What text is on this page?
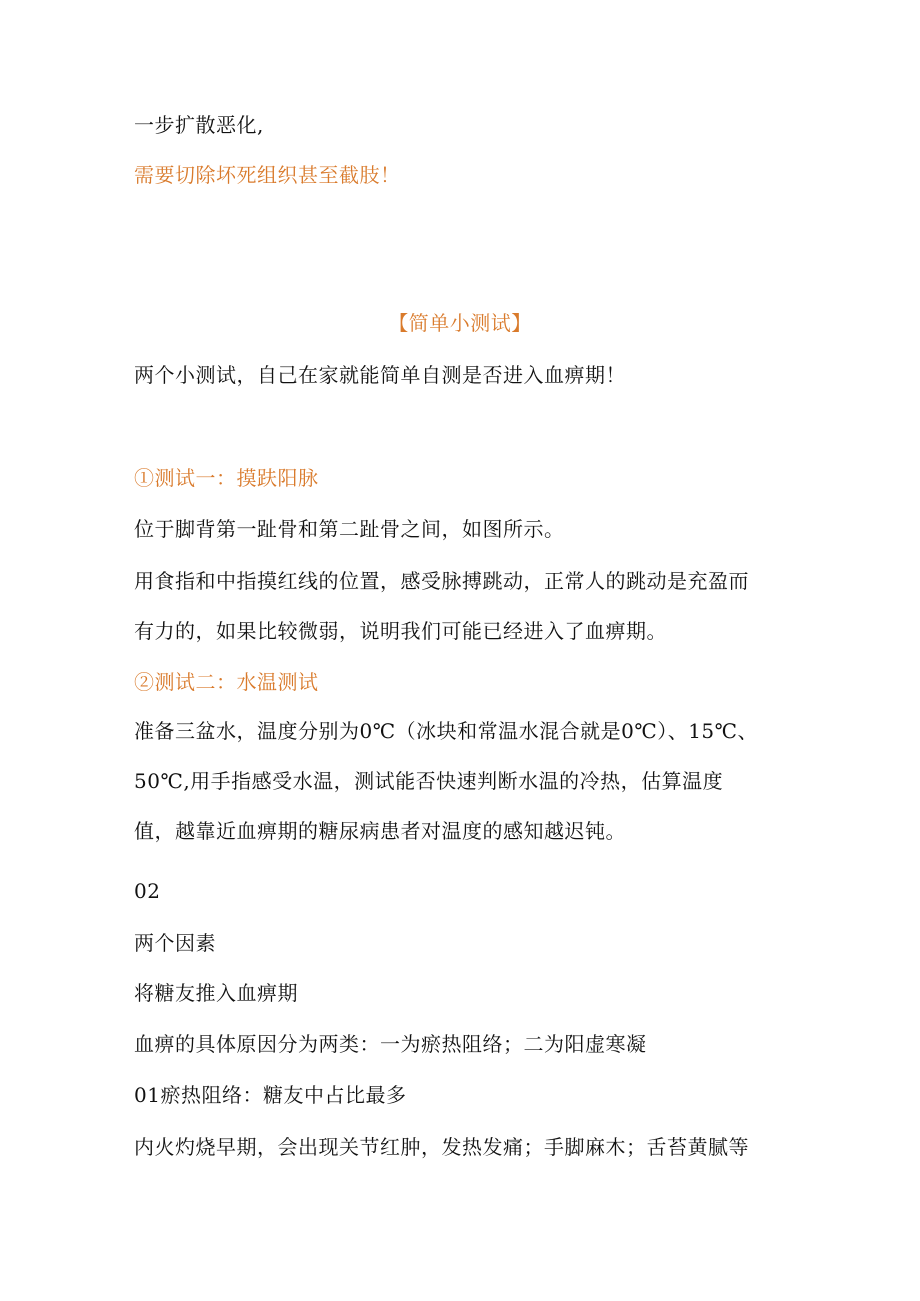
一步扩散恶化,
需要切除坏死组织甚至截肢！
【简单小测试】
两个小测试，自己在家就能简单自测是否进入血痹期！
①测试一：摸趺阳脉
位于脚背第一趾骨和第二趾骨之间，如图所示。
用食指和中指摸红线的位置，感受脉搏跳动，正常人的跳动是充盈而
有力的，如果比较微弱，说明我们可能已经进入了血痹期。
②测试二：水温测试
准备三盆水，温度分别为0℃（冰块和常温水混合就是0℃）、15℃、
50℃,用手指感受水温，测试能否快速判断水温的冷热，估算温度
值，越靠近血痹期的糖尿病患者对温度的感知越迟钝。
02
两个因素
将糖友推入血痹期
血痹的具体原因分为两类：一为瘀热阻络；二为阳虚寒凝
01瘀热阻络：糖友中占比最多
内火灼烧早期，会出现关节红肿，发热发痛；手脚麻木；舌苔黄腻等
